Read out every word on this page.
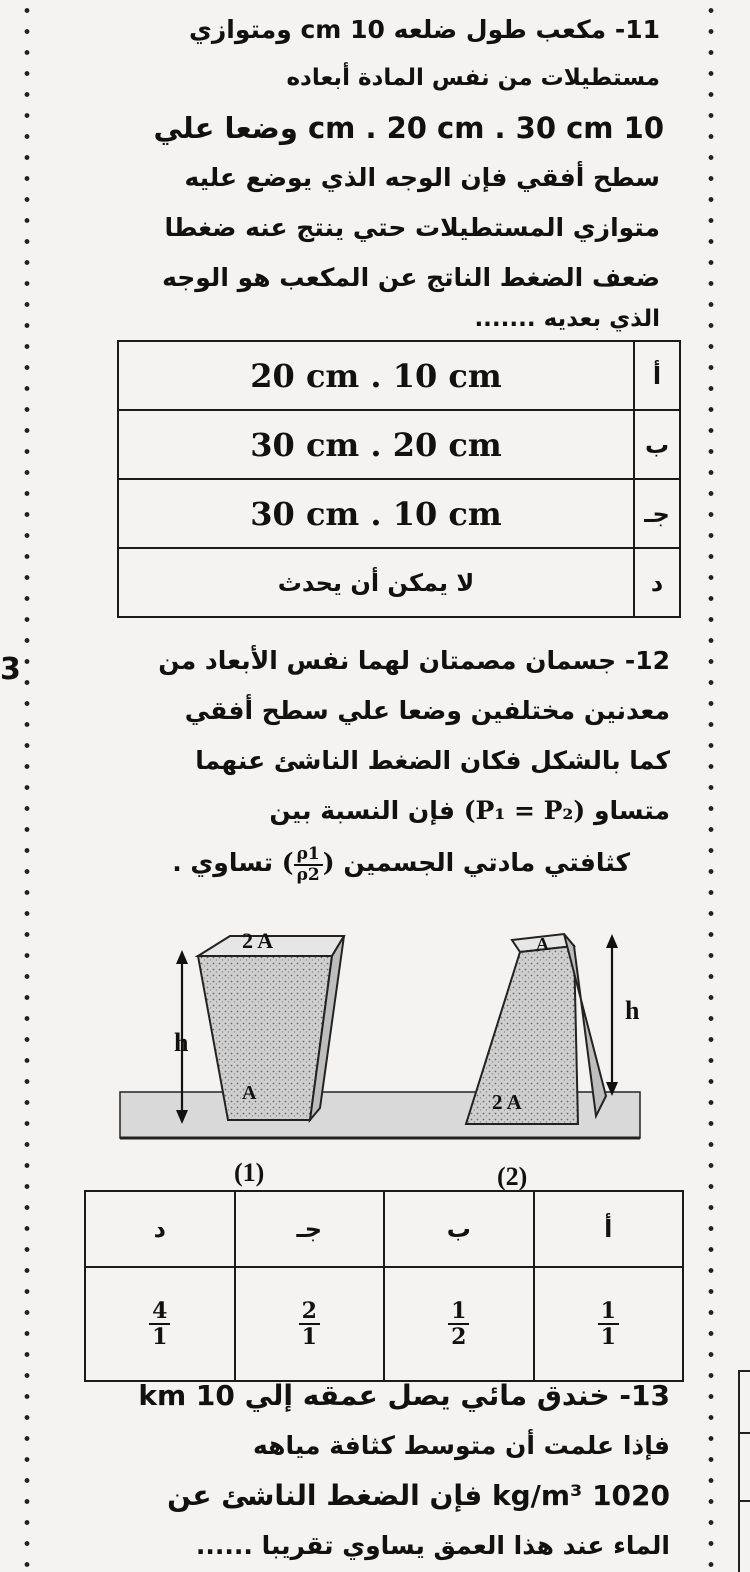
3
11- مكعب طول ضلعه 10 cm ومتوازي
مستطيلات من نفس المادة أبعاده
10 cm . 20 cm . 30 cm وضعا علي
سطح أفقي فإن الوجه الذي يوضع عليه
متوازي المستطيلات حتي ينتج عنه ضغطا
ضعف الضغط الناتج عن المكعب هو الوجه
الذي بعديه .......
20 cm . 10 cm	أ
30 cm . 20 cm	ب
30 cm . 10 cm	جـ
لا يمكن أن يحدث	د
12- جسمان مصمتان لهما نفس الأبعاد من
معدنين مختلفين وضعا علي سطح أفقي
كما بالشكل فكان الضغط الناشئ عنهما
متساو (P₁ = P₂) فإن النسبة بين
كثافتي مادتي الجسمين ( $\frac{\rho 1}{\rho 2}$ ) تساوي .
h
h
2 A
A
A
2 A
(1)	(2)
د	جـ	ب	أ

$\frac{4}{1}$	$\frac{2}{1}$	$\frac{1}{2}$	$\frac{1}{1}$
13- خندق مائي يصل عمقه إلي 10 km
فإذا علمت أن متوسط كثافة مياهه
1020 kg/m³ فإن الضغط الناشئ عن
الماء عند هذا العمق يساوي تقريبا ......
